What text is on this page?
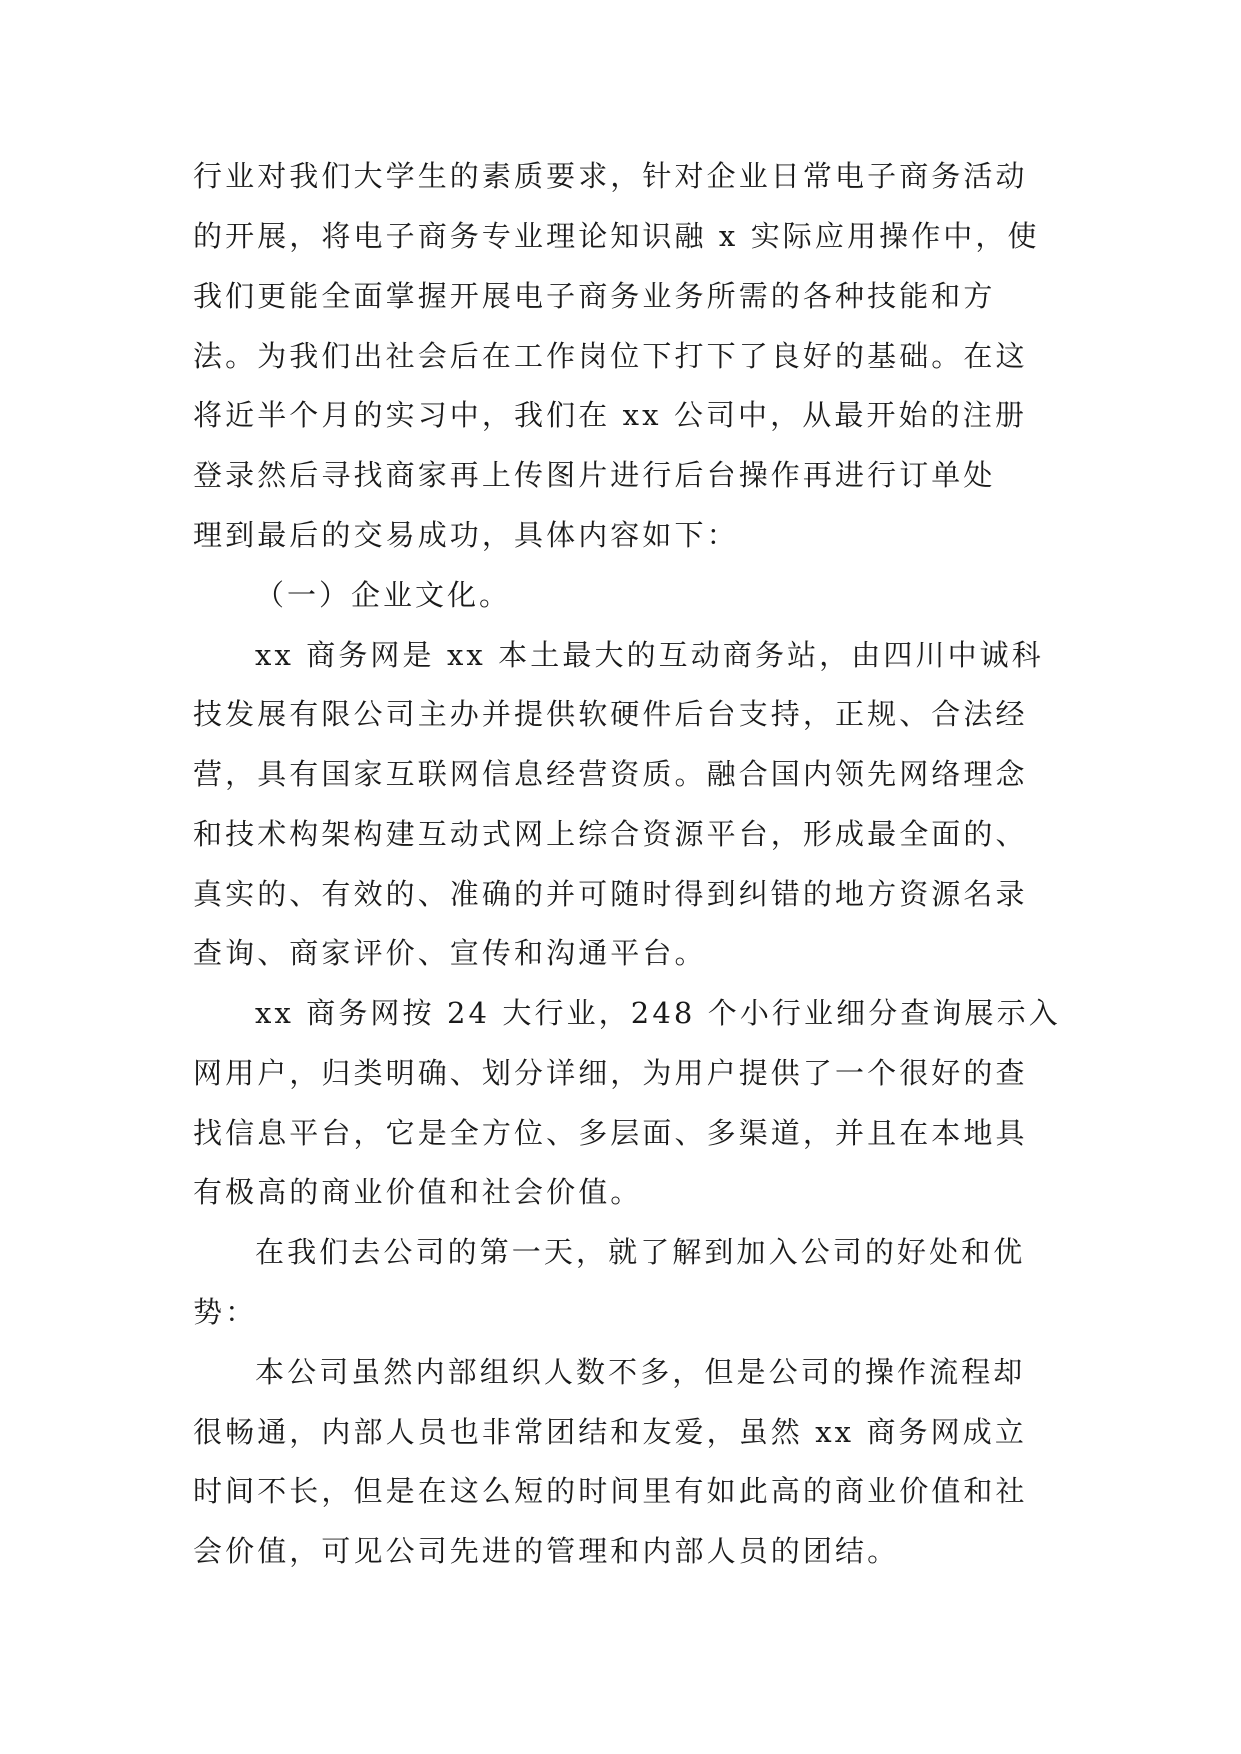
行业对我们大学生的素质要求，针对企业日常电子商务活动
的开展，将电子商务专业理论知识融 x 实际应用操作中，使
我们更能全面掌握开展电子商务业务所需的各种技能和方
法。为我们出社会后在工作岗位下打下了良好的基础。在这
将近半个月的实习中，我们在 xx 公司中，从最开始的注册
登录然后寻找商家再上传图片进行后台操作再进行订单处
理到最后的交易成功，具体内容如下：
（一）企业文化。
xx 商务网是 xx 本土最大的互动商务站，由四川中诚科
技发展有限公司主办并提供软硬件后台支持，正规、合法经
营，具有国家互联网信息经营资质。融合国内领先网络理念
和技术构架构建互动式网上综合资源平台，形成最全面的、
真实的、有效的、准确的并可随时得到纠错的地方资源名录
查询、商家评价、宣传和沟通平台。
xx 商务网按 24 大行业，248 个小行业细分查询展示入
网用户，归类明确、划分详细，为用户提供了一个很好的查
找信息平台，它是全方位、多层面、多渠道，并且在本地具
有极高的商业价值和社会价值。
在我们去公司的第一天，就了解到加入公司的好处和优
势：
本公司虽然内部组织人数不多，但是公司的操作流程却
很畅通，内部人员也非常团结和友爱，虽然 xx 商务网成立
时间不长，但是在这么短的时间里有如此高的商业价值和社
会价值，可见公司先进的管理和内部人员的团结。
